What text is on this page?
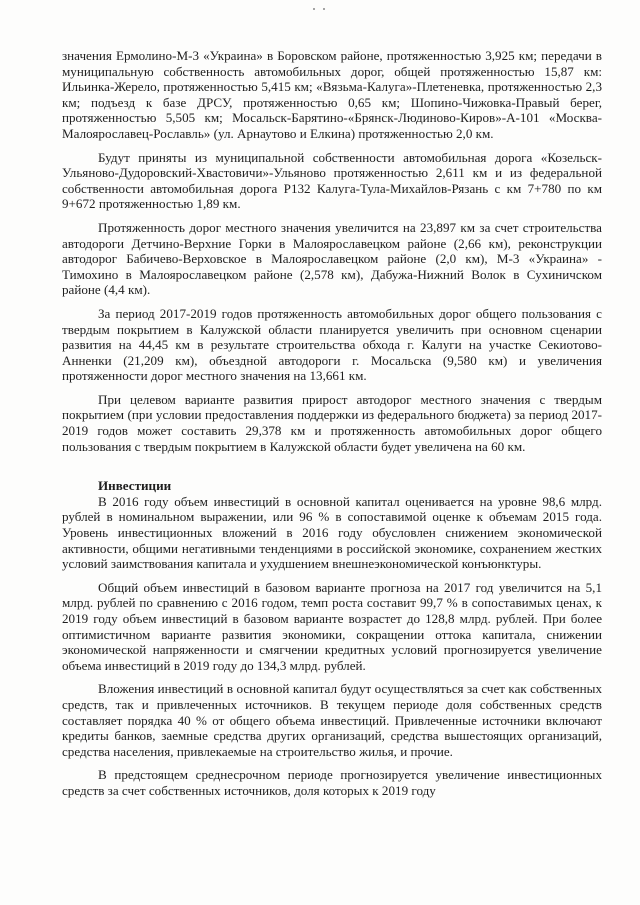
значения Ермолино-М-3 «Украина» в Боровском районе, протяженностью 3,925 км; передачи в муниципальную собственность автомобильных дорог, общей протяженностью 15,87 км: Ильинка-Жерело, протяженностью 5,415 км; «Вязьма-Калуга»-Плетеневка, протяженностью 2,3 км; подъезд к базе ДРСУ, протяженностью 0,65 км; Шопино-Чижовка-Правый берег, протяженностью 5,505 км; Мосальск-Барятино-«Брянск-Людиново-Киров»-А-101 «Москва-Малоярославец-Рославль» (ул. Арнаутово и Елкина) протяженностью 2,0 км.

Будут приняты из муниципальной собственности автомобильная дорога «Козельск-Ульяново-Дудоровский-Хвастовичи»-Ульяново протяженностью 2,611 км и из федеральной собственности автомобильная дорога Р132 Калуга-Тула-Михайлов-Рязань с км 7+780 по км 9+672 протяженностью 1,89 км.

Протяженность дорог местного значения увеличится на 23,897 км за счет строительства автодороги Детчино-Верхние Горки в Малоярославецком районе (2,66 км), реконструкции автодорог Бабичево-Верховское в Малоярославецком районе (2,0 км), М-3 «Украина» - Тимохино в Малоярославецком районе (2,578 км), Дабужа-Нижний Волок в Сухиничском районе (4,4 км).

За период 2017-2019 годов протяженность автомобильных дорог общего пользования с твердым покрытием в Калужской области планируется увеличить при основном сценарии развития на 44,45 км в результате строительства обхода г. Калуги на участке Секиотово-Анненки (21,209 км), объездной автодороги г. Мосальска (9,580 км) и увеличения протяженности дорог местного значения на 13,661 км.

При целевом варианте развития прирост автодорог местного значения с твердым покрытием (при условии предоставления поддержки из федерального бюджета) за период 2017-2019 годов может составить 29,378 км и протяженность автомобильных дорог общего пользования с твердым покрытием в Калужской области будет увеличена на 60 км.

Инвестиции

В 2016 году объем инвестиций в основной капитал оценивается на уровне 98,6 млрд. рублей в номинальном выражении, или 96 % в сопоставимой оценке к объемам 2015 года. Уровень инвестиционных вложений в 2016 году обусловлен снижением экономической активности, общими негативными тенденциями в российской экономике, сохранением жестких условий заимствования капитала и ухудшением внешнеэкономической конъюнктуры.

Общий объем инвестиций в базовом варианте прогноза на 2017 год увеличится на 5,1 млрд. рублей по сравнению с 2016 годом, темп роста составит 99,7 % в сопоставимых ценах, к 2019 году объем инвестиций в базовом варианте возрастет до 128,8 млрд. рублей. При более оптимистичном варианте развития экономики, сокращении оттока капитала, снижении экономической напряженности и смягчении кредитных условий прогнозируется увеличение объема инвестиций в 2019 году до 134,3 млрд. рублей.

Вложения инвестиций в основной капитал будут осуществляться за счет как собственных средств, так и привлеченных источников. В текущем периоде доля собственных средств составляет порядка 40 % от общего объема инвестиций. Привлеченные источники включают кредиты банков, заемные средства других организаций, средства вышестоящих организаций, средства населения, привлекаемые на строительство жилья, и прочие.

В предстоящем среднесрочном периоде прогнозируется увеличение инвестиционных средств за счет собственных источников, доля которых к 2019 году
